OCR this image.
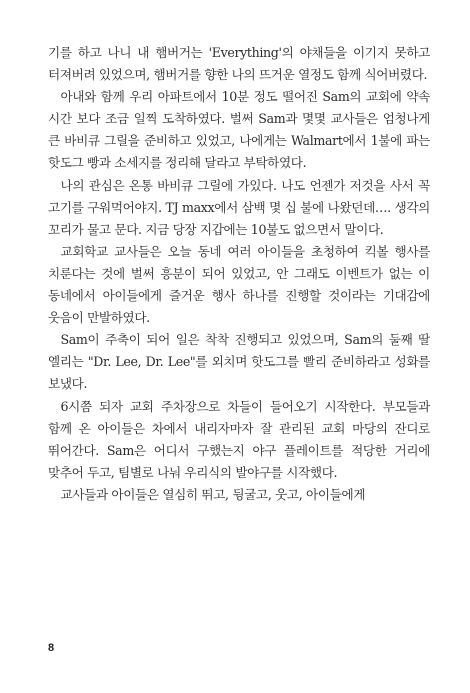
기를 하고 나니 내 햄버거는 'Everything'의 야채들을 이기지 못하고 터져버려 있었으며, 햄버거를 향한 나의 뜨거운 열정도 함께 식어버렸다.

아내와 함께 우리 아파트에서 10분 정도 떨어진 Sam의 교회에 약속 시간 보다 조금 일찍 도착하였다. 벌써 Sam과 몇몇 교사들은 엄청나게 큰 바비큐 그릴을 준비하고 있었고, 나에게는 Walmart에서 1불에 파는 핫도그 빵과 소세지를 정리해 달라고 부탁하였다.

나의 관심은 온통 바비큐 그릴에 가있다. 나도 언젠가 저것을 사서 꼭 고기를 구워먹어야지. TJ maxx에서 삼백 몇 십 불에 나왔던데…. 생각의 꼬리가 물고 문다. 지금 당장 지갑에는 10불도 없으면서 말이다.

교회학교 교사들은 오늘 동네 여러 아이들을 초청하여 킥볼 행사를 치룬다는 것에 벌써 흥분이 되어 있었고, 안 그래도 이벤트가 없는 이 동네에서 아이들에게 즐거운 행사 하나를 진행할 것이라는 기대감에 웃음이 만발하였다.

Sam이 주축이 되어 일은 착착 진행되고 있었으며, Sam의 둘째 딸 엘리는 "Dr. Lee, Dr. Lee"를 외치며 핫도그를 빨리 준비하라고 성화를 보냈다.

6시쯤 되자 교회 주차장으로 차들이 들어오기 시작한다. 부모들과 함께 온 아이들은 차에서 내리자마자 잘 관리된 교회 마당의 잔디로 뛰어간다. Sam은 어디서 구했는지 야구 플레이트를 적당한 거리에 맞추어 두고, 팀별로 나눠 우리식의 발야구를 시작했다.

교사들과 아이들은 열심히 뛰고, 뒹굴고, 웃고, 아이들에게

8
